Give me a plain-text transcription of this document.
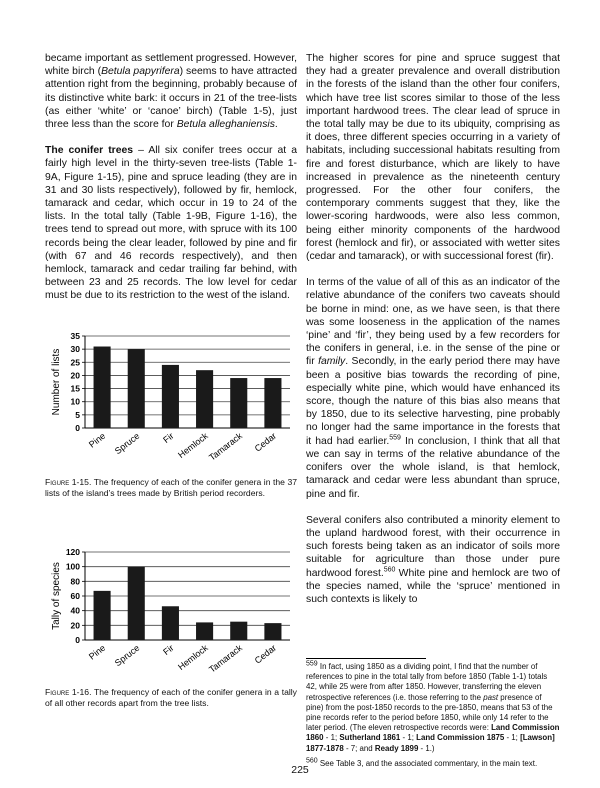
became important as settlement progressed. However, white birch (Betula papyrifera) seems to have attracted attention right from the beginning, probably because of its distinctive white bark: it occurs in 21 of the tree-lists (as either ‘white’ or ‘canoe’ birch) (Table 1-5), just three less than the score for Betula alleghaniensis.

The conifer trees – All six conifer trees occur at a fairly high level in the thirty-seven tree-lists (Table 1-9A, Figure 1-15), pine and spruce leading (they are in 31 and 30 lists respectively), followed by fir, hemlock, tamarack and cedar, which occur in 19 to 24 of the lists. In the total tally (Table 1-9B, Figure 1-16), the trees tend to spread out more, with spruce with its 100 records being the clear leader, followed by pine and fir (with 67 and 46 records respectively), and then hemlock, tamarack and cedar trailing far behind, with between 23 and 25 records. The low level for cedar must be due to its restriction to the west of the island.

0
5
10
15
20
25
30
35
Number of lists
Pine Spruce Fir Hemlock
Tamarack Cedar

Figure 1-15. The frequency of each of the conifer genera in the 37 lists of the island’s trees made by British period recorders.

0
20
40
60
80
100
120
Tally of species
Pine Spruce Fir Hemlock
Tamarack Cedar

Figure 1-16. The frequency of each of the conifer genera in a tally of all other records apart from the tree lists.

The higher scores for pine and spruce suggest that they had a greater prevalence and overall distribution in the forests of the island than the other four conifers, which have tree list scores similar to those of the less important hardwood trees. The clear lead of spruce in the total tally may be due to its ubiquity, comprising as it does, three different species occurring in a variety of habitats, including successional habitats resulting from fire and forest disturbance, which are likely to have increased in prevalence as the nineteenth century progressed. For the other four conifers, the contemporary comments suggest that they, like the lower-scoring hardwoods, were also less common, being either minority components of the hardwood forest (hemlock and fir), or associated with wetter sites (cedar and tamarack), or with successional forest (fir).

In terms of the value of all of this as an indicator of the relative abundance of the conifers two caveats should be borne in mind: one, as we have seen, is that there was some looseness in the application of the names ‘pine’ and ‘fir’, they being used by a few recorders for the conifers in general, i.e. in the sense of the pine or fir family. Secondly, in the early period there may have been a positive bias towards the recording of pine, especially white pine, which would have enhanced its score, though the nature of this bias also means that by 1850, due to its selective harvesting, pine probably no longer had the same importance in the forests that it had had earlier.$^{559}$ In conclusion, I think that all that we can say in terms of the relative abundance of the conifers over the whole island, is that hemlock, tamarack and cedar were less abundant than spruce, pine and fir.

Several conifers also contributed a minority element to the upland hardwood forest, with their occurrence in such forests being taken as an indicator of soils more suitable for agriculture than those under pure hardwood forest.$^{560}$ White pine and hemlock are two of the species named, while the ‘spruce’ mentioned in such contexts is likely to

$^{559}$ In fact, using 1850 as a dividing point, I find that the number of references to pine in the total tally from before 1850 (Table 1-1) totals 42, while 25 were from after 1850. However, transferring the eleven retrospective references (i.e. those referring to the past presence of pine) from the post-1850 records to the pre-1850, means that 53 of the pine records refer to the period before 1850, while only 14 refer to the later period. (The eleven retrospective records were: Land Commission 1860 - 1; Sutherland 1861 - 1; Land Commission 1875 - 1; [Lawson] 1877-1878 - 7; and Ready 1899 - 1.)

$^{560}$ See Table 3, and the associated commentary, in the main text.

225
